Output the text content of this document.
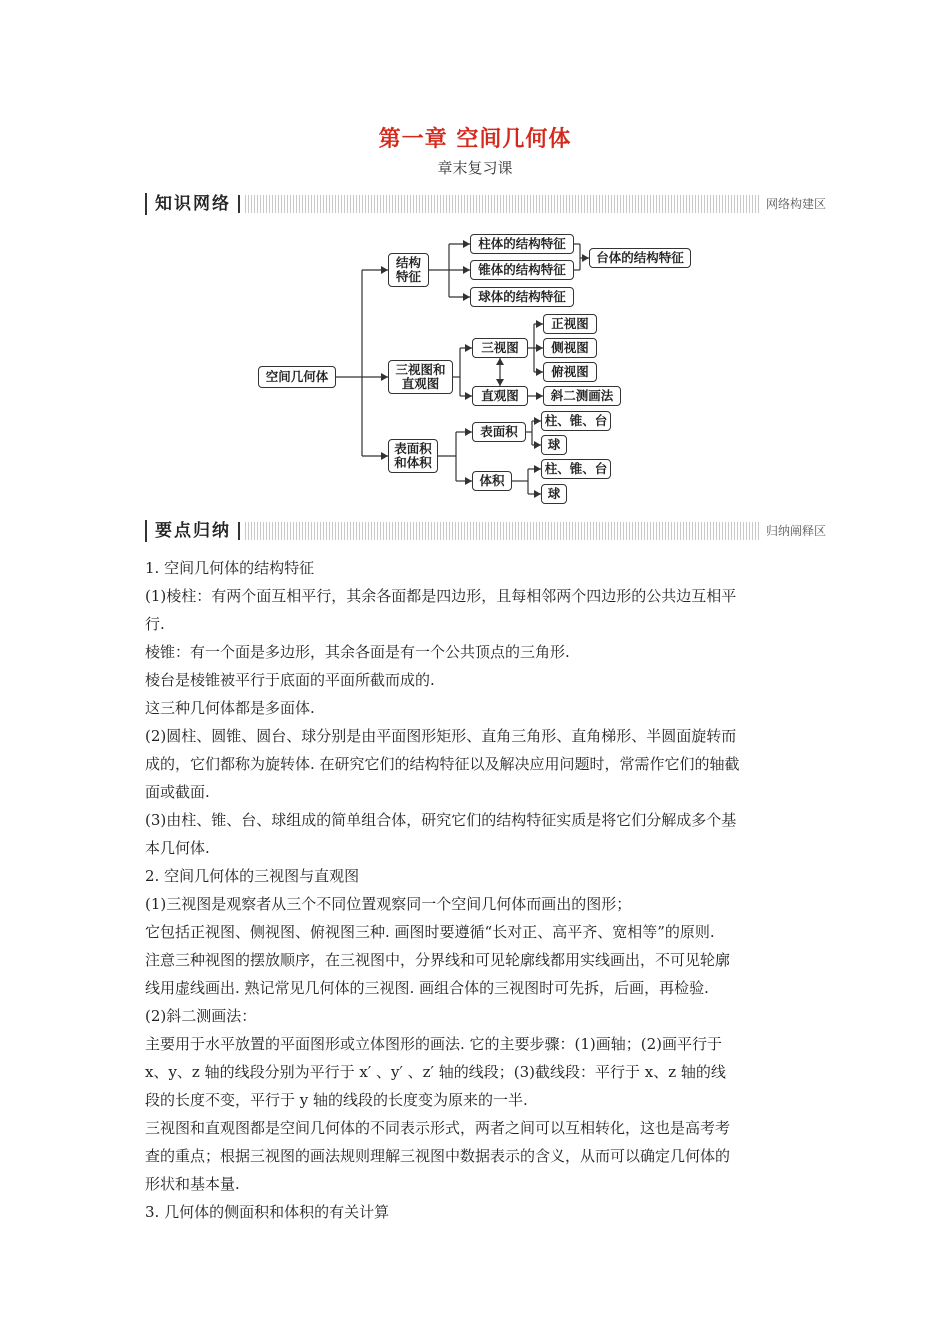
第一章 空间几何体
章末复习课
知识网络	网络构建区
空间几何体
结构
特征
柱体的结构特征
锥体的结构特征
球体的结构特征
台体的结构特征
三视图和
直观图
三视图
正视图
侧视图
俯视图
直观图	斜二测画法
表面积
和体积
表面积
柱、锥、台
球
体积
柱、锥、台
球
要点归纳	归纳阐释区

1. 空间几何体的结构特征

(1)棱柱：有两个面互相平行，其余各面都是四边形，且每相邻两个四边形的公共边互相平

行.

棱锥：有一个面是多边形，其余各面是有一个公共顶点的三角形.

棱台是棱锥被平行于底面的平面所截而成的.

这三种几何体都是多面体.

(2)圆柱、圆锥、圆台、球分别是由平面图形矩形、直角三角形、直角梯形、半圆面旋转而

成的，它们都称为旋转体. 在研究它们的结构特征以及解决应用问题时，常需作它们的轴截

面或截面.

(3)由柱、锥、台、球组成的简单组合体，研究它们的结构特征实质是将它们分解成多个基

本几何体.

2. 空间几何体的三视图与直观图

(1)三视图是观察者从三个不同位置观察同一个空间几何体而画出的图形；

它包括正视图、侧视图、俯视图三种. 画图时要遵循“长对正、高平齐、宽相等”的原则.

注意三种视图的摆放顺序，在三视图中，分界线和可见轮廓线都用实线画出，不可见轮廓

线用虚线画出. 熟记常见几何体的三视图. 画组合体的三视图时可先拆，后画，再检验.

(2)斜二测画法：

主要用于水平放置的平面图形或立体图形的画法. 它的主要步骤：(1)画轴；(2)画平行于

x、y、z 轴的线段分别为平行于 x′ 、y′ 、z′ 轴的线段；(3)截线段：平行于 x、z 轴的线

段的长度不变，平行于 y 轴的线段的长度变为原来的一半.

三视图和直观图都是空间几何体的不同表示形式，两者之间可以互相转化，这也是高考考

查的重点；根据三视图的画法规则理解三视图中数据表示的含义，从而可以确定几何体的

形状和基本量.

3. 几何体的侧面积和体积的有关计算
